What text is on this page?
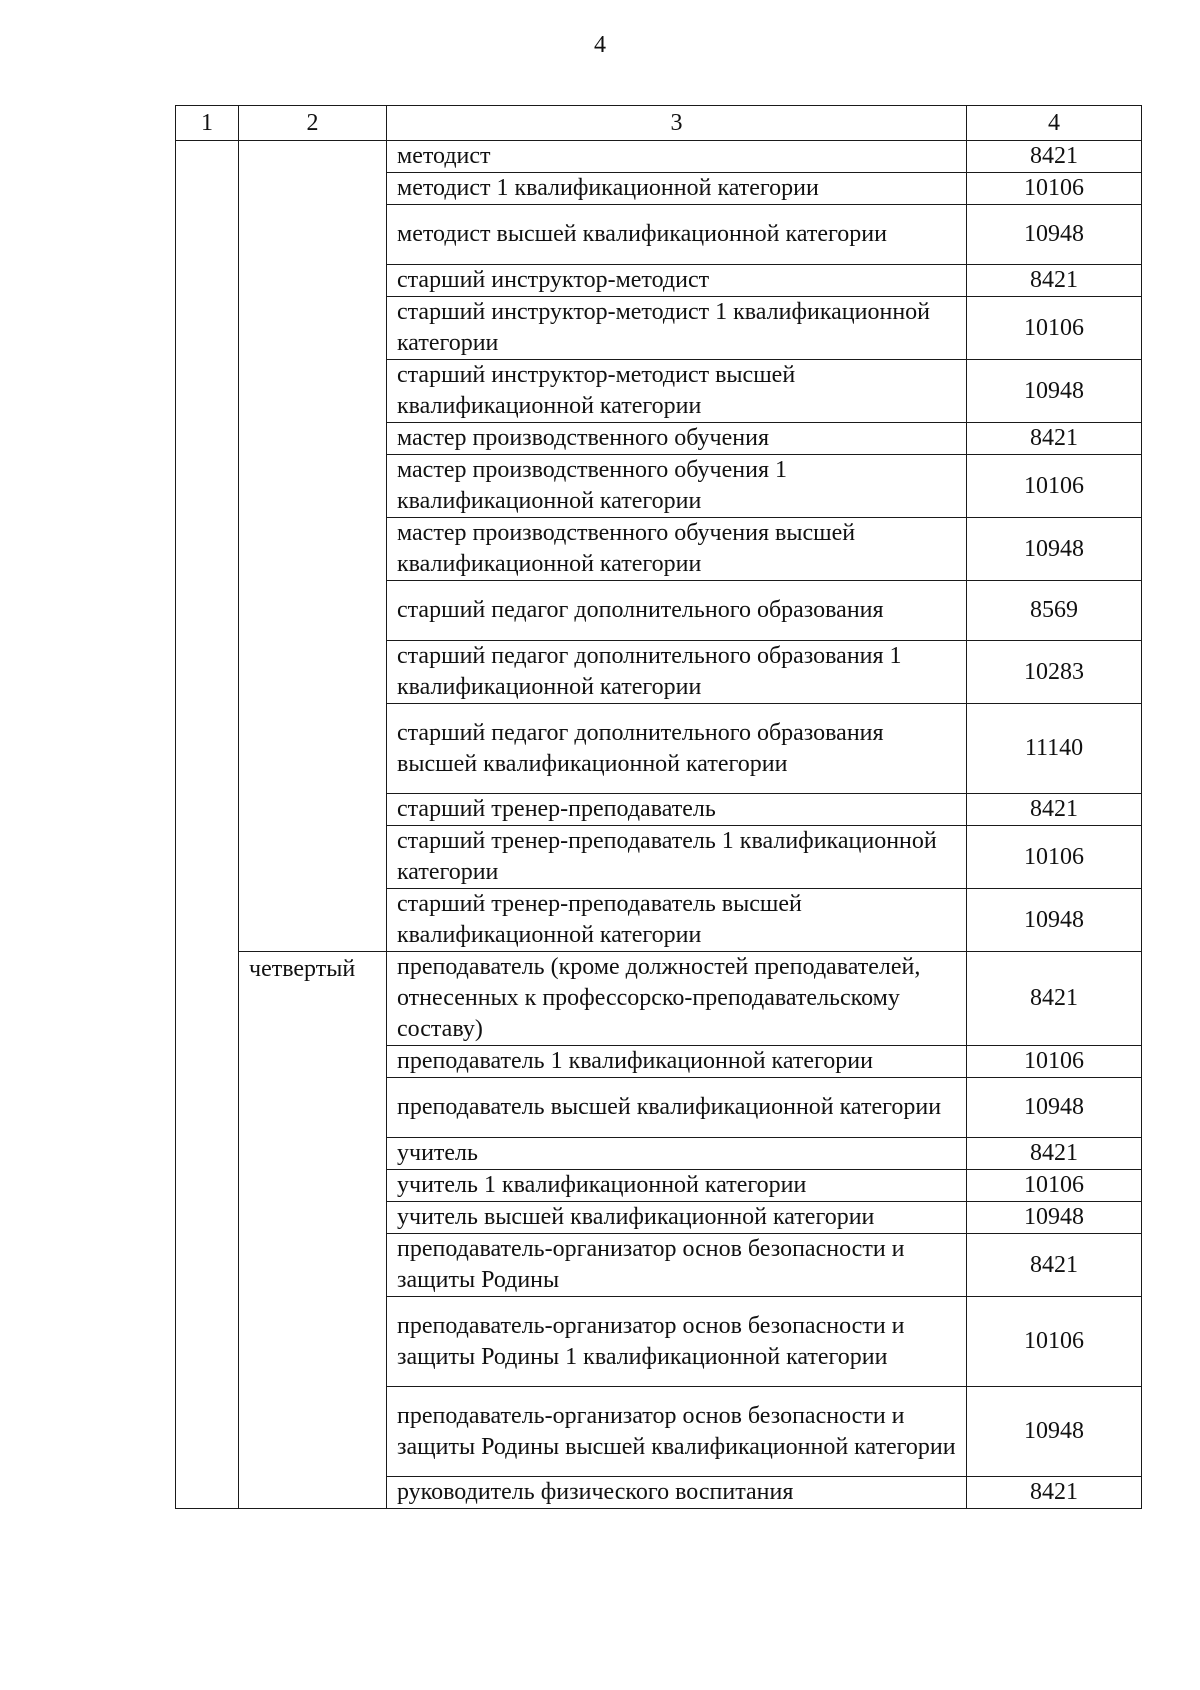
4
1	2	3	4
		методист	8421
		методист 1 квалификационной категории	10106
		методист высшей квалификационной категории	10948
		старший инструктор-методист	8421
		старший инструктор-методист 1 квалификационной категории	10106
		старший инструктор-методист высшей квалификационной категории	10948
		мастер производственного обучения	8421
		мастер производственного обучения 1 квалификационной категории	10106
		мастер производственного обучения высшей квалификационной категории	10948
		старший педагог дополнительного образования	8569
		старший педагог дополнительного образования 1 квалификационной категории	10283
		старший педагог дополнительного образования высшей квалификационной категории	11140
		старший тренер-преподаватель	8421
		старший тренер-преподаватель 1 квалификационной категории	10106
		старший тренер-преподаватель высшей квалификационной категории	10948
	четвертый	преподаватель (кроме должностей преподавателей, отнесенных к профессорско-преподавательскому составу)	8421
		преподаватель 1 квалификационной категории	10106
		преподаватель высшей квалификационной категории	10948
		учитель	8421
		учитель 1 квалификационной категории	10106
		учитель высшей квалификационной категории	10948
		преподаватель-организатор основ безопасности и защиты Родины	8421
		преподаватель-организатор основ безопасности и защиты Родины 1 квалификационной категории	10106
		преподаватель-организатор основ безопасности и защиты Родины высшей квалификационной категории	10948
		руководитель физического воспитания	8421
